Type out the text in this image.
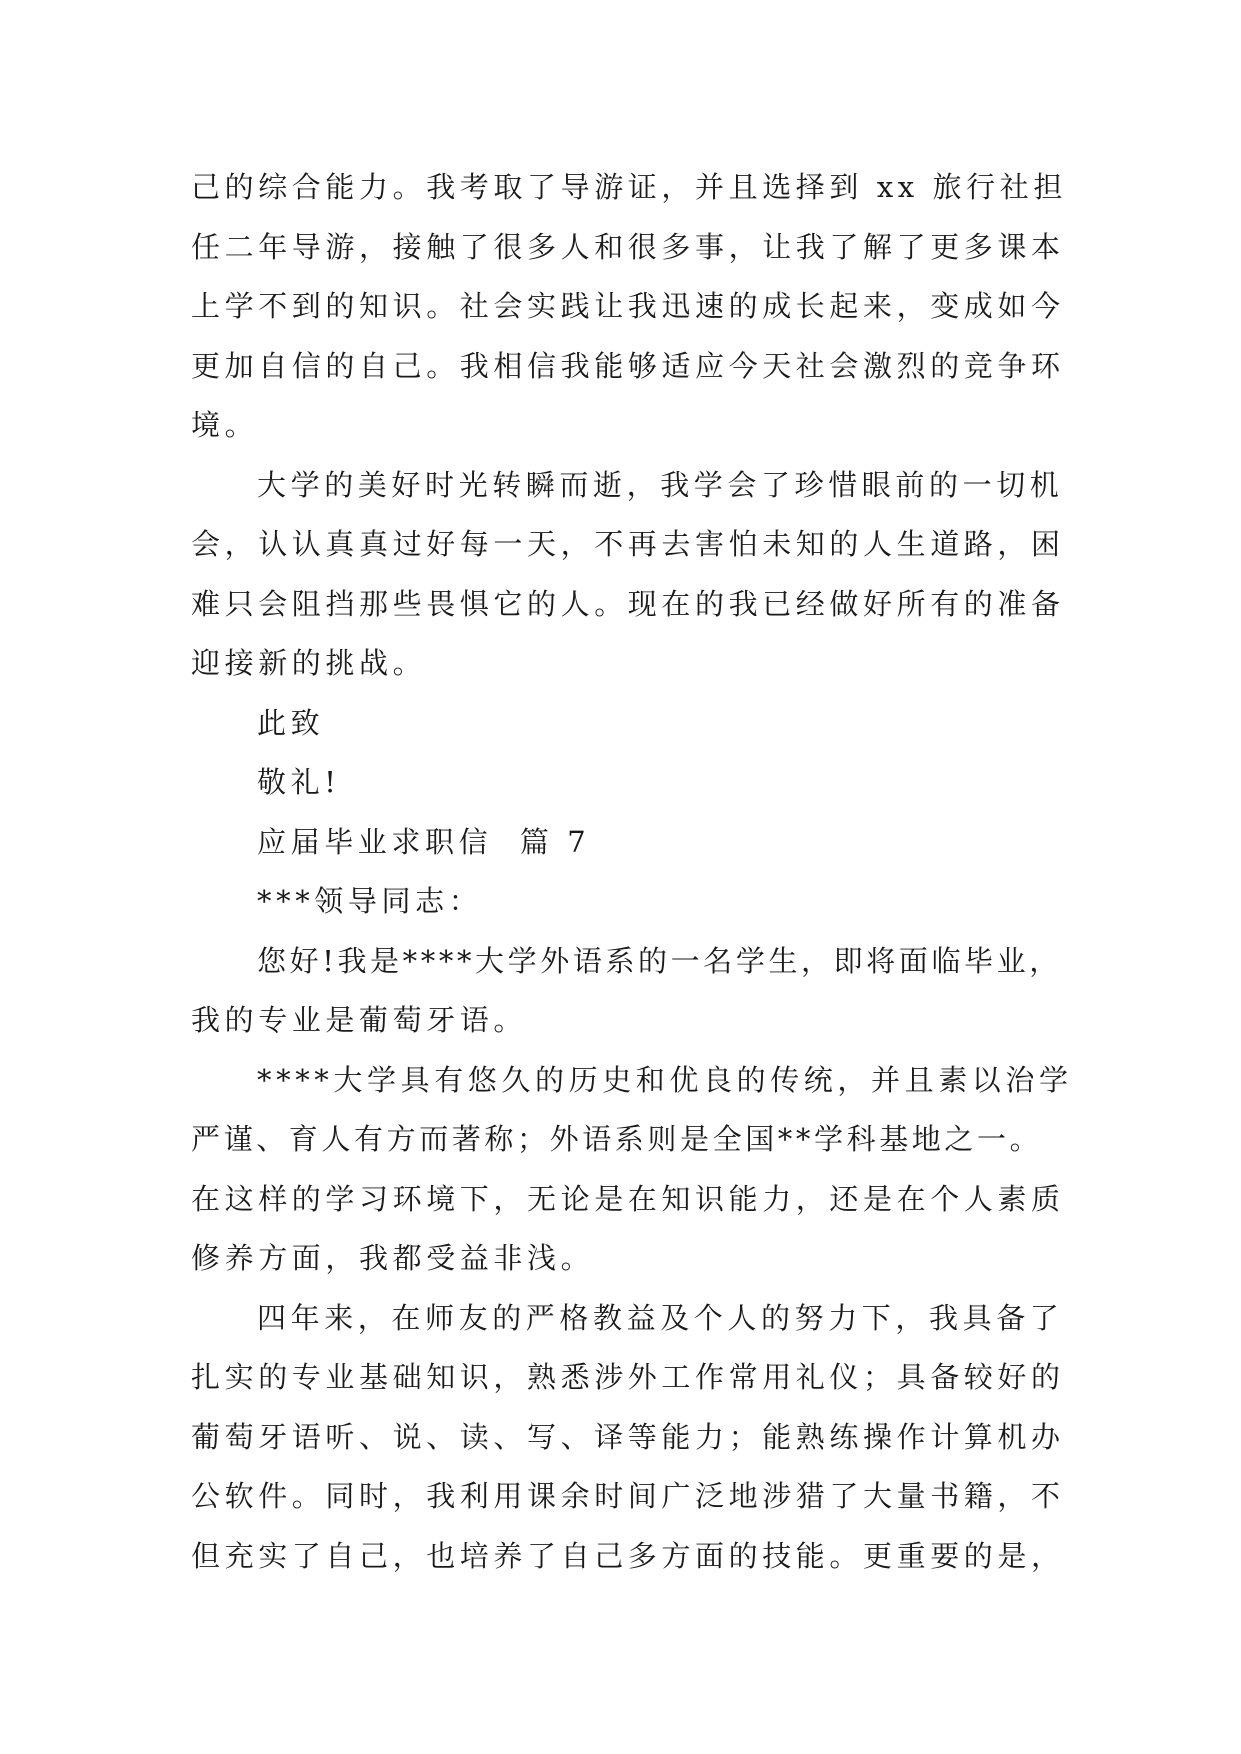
己的综合能力。我考取了导游证，并且选择到 xx 旅行社担
任二年导游，接触了很多人和很多事，让我了解了更多课本
上学不到的知识。社会实践让我迅速的成长起来，变成如今
更加自信的自己。我相信我能够适应今天社会激烈的竞争环
境。
大学的美好时光转瞬而逝，我学会了珍惜眼前的一切机
会，认认真真过好每一天，不再去害怕未知的人生道路，困
难只会阻挡那些畏惧它的人。现在的我已经做好所有的准备
迎接新的挑战。
此致
敬礼!
应届毕业求职信  篇 7
***领导同志：
您好!我是****大学外语系的一名学生，即将面临毕业，
我的专业是葡萄牙语。
****大学具有悠久的历史和优良的传统，并且素以治学
严谨、育人有方而著称；外语系则是全国**学科基地之一。
在这样的学习环境下，无论是在知识能力，还是在个人素质
修养方面，我都受益非浅。
四年来，在师友的严格教益及个人的努力下，我具备了
扎实的专业基础知识，熟悉涉外工作常用礼仪；具备较好的
葡萄牙语听、说、读、写、译等能力；能熟练操作计算机办
公软件。同时，我利用课余时间广泛地涉猎了大量书籍，不
但充实了自己，也培养了自己多方面的技能。更重要的是，
